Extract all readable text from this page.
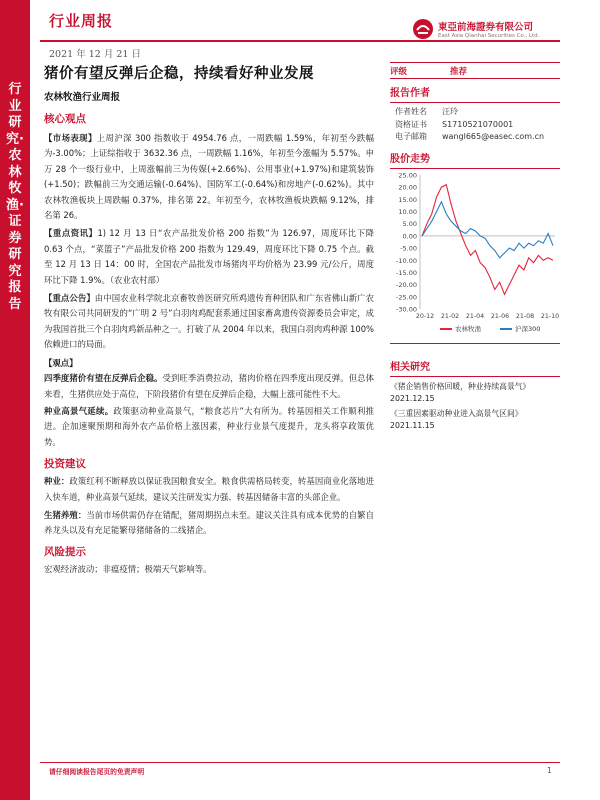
行业研究·农林牧渔·证券研究报告
行业周报
2021 年 12 月 21 日
東亞前海證券有限公司
East Asia Qianhai Securities Co., Ltd.
猪价有望反弹后企稳，持续看好种业发展
农林牧渔行业周报
核心观点
【市场表现】上周沪深 300 指数收于 4954.76 点，一周跌幅 1.59%，年初至今跌幅为-3.00%；上证综指收于 3632.36 点，一周跌幅 1.16%，年初至今涨幅为 5.57%。申万 28 个一级行业中，上周涨幅前三为传媒(+2.66%)、公用事业(+1.97%)和建筑装饰(+1.50)；跌幅前三为交通运输(-0.64%)、国防军工(-0.64%)和房地产(-0.62%)。其中农林牧渔板块上周跌幅 0.37%，排名第 22。年初至今，农林牧渔板块跌幅 9.12%，排名第 26。
【重点资讯】1) 12 月 13 日“农产品批发价格 200 指数”为 126.97，周度环比下降 0.63 个点，“菜篮子”产品批发价格 200 指数为 129.49，周度环比下降 0.75 个点。截至 12 月 13 日 14：00 时，全国农产品批发市场猪肉平均价格为 23.99 元/公斤，周度环比下降 1.9%。（农业农村部）
【重点公告】由中国农业科学院北京畜牧兽医研究所鸡遗传育种团队和广东省佛山新广农牧有限公司共同研发的“广明 2 号”白羽肉鸡配套系通过国家畜禽遗传资源委员会审定，成为我国首批三个白羽肉鸡新品种之一。打破了从 2004 年以来，我国白羽肉鸡种源 100%依赖进口的局面。
【观点】
四季度猪价有望在反弹后企稳。受到旺季消费拉动，猪肉价格在四季度出现反弹。但总体来看，生猪供应处于高位，下阶段猪价有望在反弹后企稳，大幅上涨可能性不大。
种业高景气延续。政策驱动种业高景气，“粮食芯片”大有所为。转基因相关工作顺利推进。企加速聚预期和海外农产品价格上涨因素，种业行业景气度提升，龙头将享政策优势。
投资建议
种业：政策红利不断释放以保证我国粮食安全。粮食供需格局转变，转基因商业化落地进入快车道，种业高景气延续，建议关注研发实力强、转基因储备丰富的头部企业。
生猪养殖：当前市场供需仍存在错配，猪周期拐点未至。建议关注具有成本优势的自繁自养龙头以及有充足能繁母猪储备的二线猪企。
风险提示
宏观经济波动；非瘟疫情；极端天气影响等。
评级	推荐
报告作者
作者姓名 汪玲
资格证书 S1710521070001
电子邮箱 wangl665@easec.com.cn
股价走势
25.00
20.00
15.00
10.00
5.00
0.00
-5.00
-10.00
-15.00
-20.00
-25.00
-30.00
20-12 21-02 21-04 21-06 21-08 21-10
农林牧渔	沪深300
相关研究
《猪企销售价格回暖，种业持续高景气》2021.12.15
《三重因素驱动种业进入高景气区间》2021.11.15
请仔细阅读报告尾页的免责声明	1
